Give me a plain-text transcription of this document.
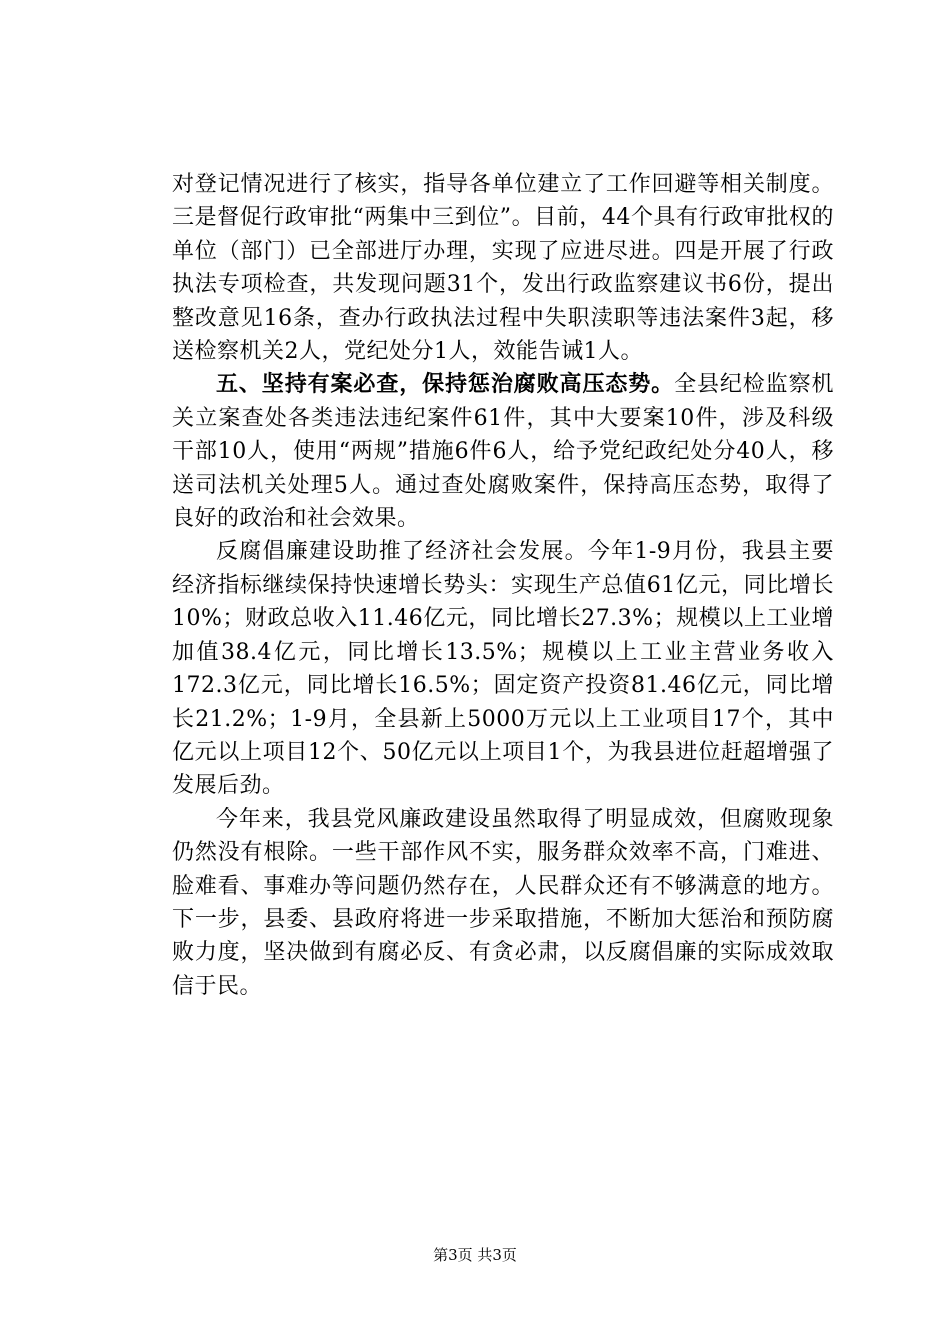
对登记情况进行了核实，指导各单位建立了工作回避等相关制度。三是督促行政审批“两集中三到位”。目前，44个具有行政审批权的单位（部门）已全部进厅办理，实现了应进尽进。四是开展了行政执法专项检查，共发现问题31个，发出行政监察建议书6份，提出整改意见16条，查办行政执法过程中失职渎职等违法案件3起，移送检察机关2人，党纪处分1人，效能告诫1人。

五、坚持有案必查，保持惩治腐败高压态势。全县纪检监察机关立案查处各类违法违纪案件61件，其中大要案10件，涉及科级干部10人，使用“两规”措施6件6人，给予党纪政纪处分40人，移送司法机关处理5人。通过查处腐败案件，保持高压态势，取得了良好的政治和社会效果。

反腐倡廉建设助推了经济社会发展。今年1-9月份，我县主要经济指标继续保持快速增长势头：实现生产总值61亿元，同比增长10%；财政总收入11.46亿元，同比增长27.3%；规模以上工业增加值38.4亿元，同比增长13.5%；规模以上工业主营业务收入172.3亿元，同比增长16.5%；固定资产投资81.46亿元，同比增长21.2%；1-9月，全县新上5000万元以上工业项目17个，其中亿元以上项目12个、50亿元以上项目1个，为我县进位赶超增强了发展后劲。

今年来，我县党风廉政建设虽然取得了明显成效，但腐败现象仍然没有根除。一些干部作风不实，服务群众效率不高，门难进、脸难看、事难办等问题仍然存在，人民群众还有不够满意的地方。下一步，县委、县政府将进一步采取措施，不断加大惩治和预防腐败力度，坚决做到有腐必反、有贪必肃，以反腐倡廉的实际成效取信于民。

第3页 共3页
